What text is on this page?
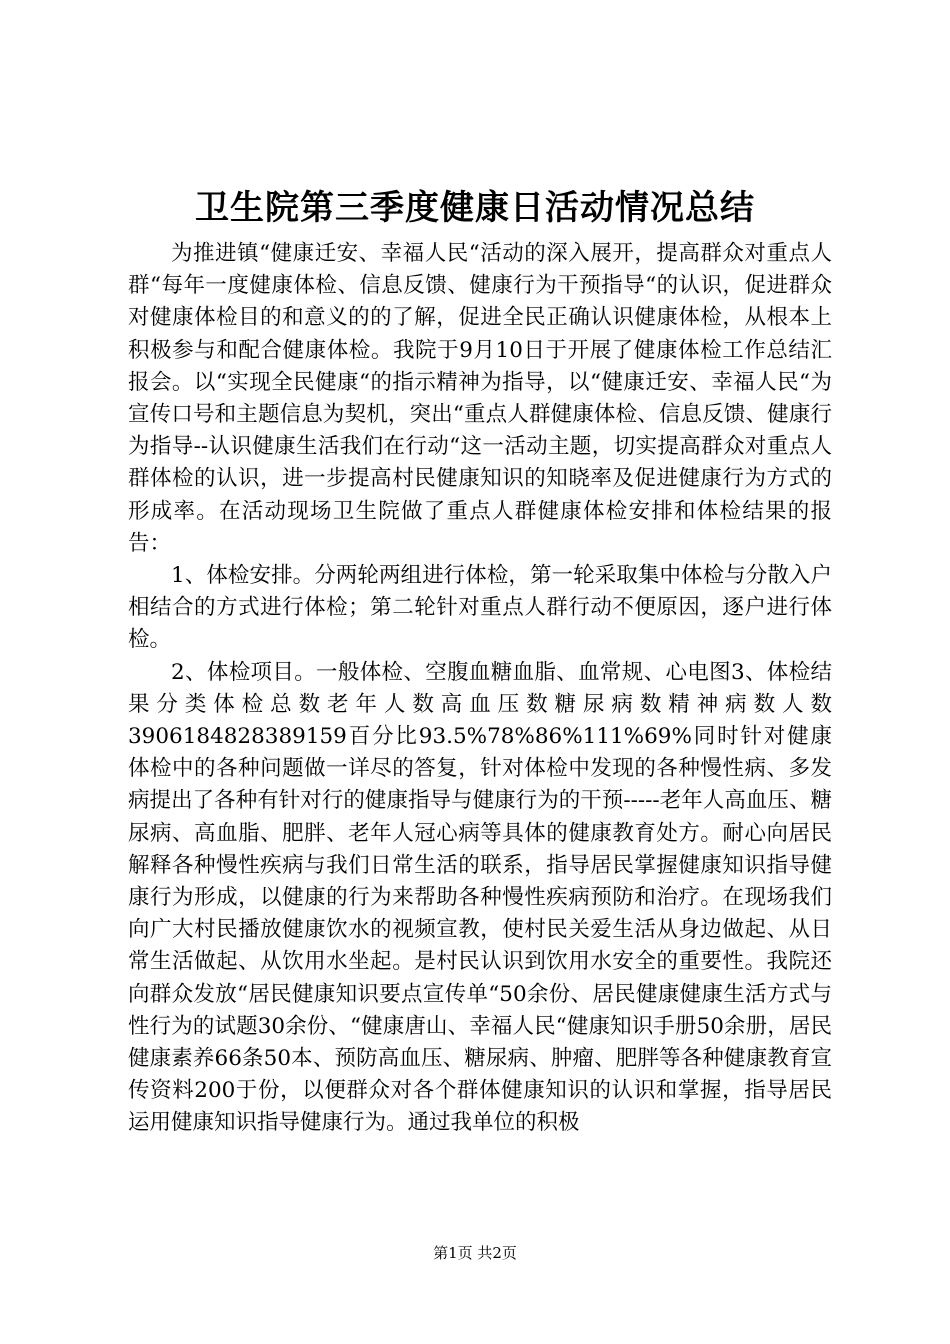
卫生院第三季度健康日活动情况总结

为推进镇“健康迁安、幸福人民“活动的深入展开，提高群众对重点人群“每年一度健康体检、信息反馈、健康行为干预指导“的认识，促进群众对健康体检目的和意义的的了解，促进全民正确认识健康体检，从根本上积极参与和配合健康体检。我院于9月10日于开展了健康体检工作总结汇报会。以“实现全民健康“的指示精神为指导，以“健康迁安、幸福人民“为宣传口号和主题信息为契机，突出“重点人群健康体检、信息反馈、健康行为指导--认识健康生活我们在行动“这一活动主题，切实提高群众对重点人群体检的认识，进一步提高村民健康知识的知晓率及促进健康行为方式的形成率。在活动现场卫生院做了重点人群健康体检安排和体检结果的报告：

1、体检安排。分两轮两组进行体检，第一轮采取集中体检与分散入户相结合的方式进行体检；第二轮针对重点人群行动不便原因，逐户进行体检。

2、体检项目。一般体检、空腹血糖血脂、血常规、心电图3、体检结果分类体检总数老年人数高血压数糖尿病数精神病数人数3906184828389159百分比93.5%78%86%111%69%同时针对健康体检中的各种问题做一详尽的答复，针对体检中发现的各种慢性病、多发病提出了各种有针对行的健康指导与健康行为的干预-----老年人高血压、糖尿病、高血脂、肥胖、老年人冠心病等具体的健康教育处方。耐心向居民解释各种慢性疾病与我们日常生活的联系，指导居民掌握健康知识指导健康行为形成，以健康的行为来帮助各种慢性疾病预防和治疗。在现场我们向广大村民播放健康饮水的视频宣教，使村民关爱生活从身边做起、从日常生活做起、从饮用水坐起。是村民认识到饮用水安全的重要性。我院还向群众发放“居民健康知识要点宣传单“50余份、居民健康健康生活方式与性行为的试题30余份、“健康唐山、幸福人民“健康知识手册50余册，居民健康素养66条50本、预防高血压、糖尿病、肿瘤、肥胖等各种健康教育宣传资料200于份，以便群众对各个群体健康知识的认识和掌握，指导居民运用健康知识指导健康行为。通过我单位的积极

第1页 共2页
